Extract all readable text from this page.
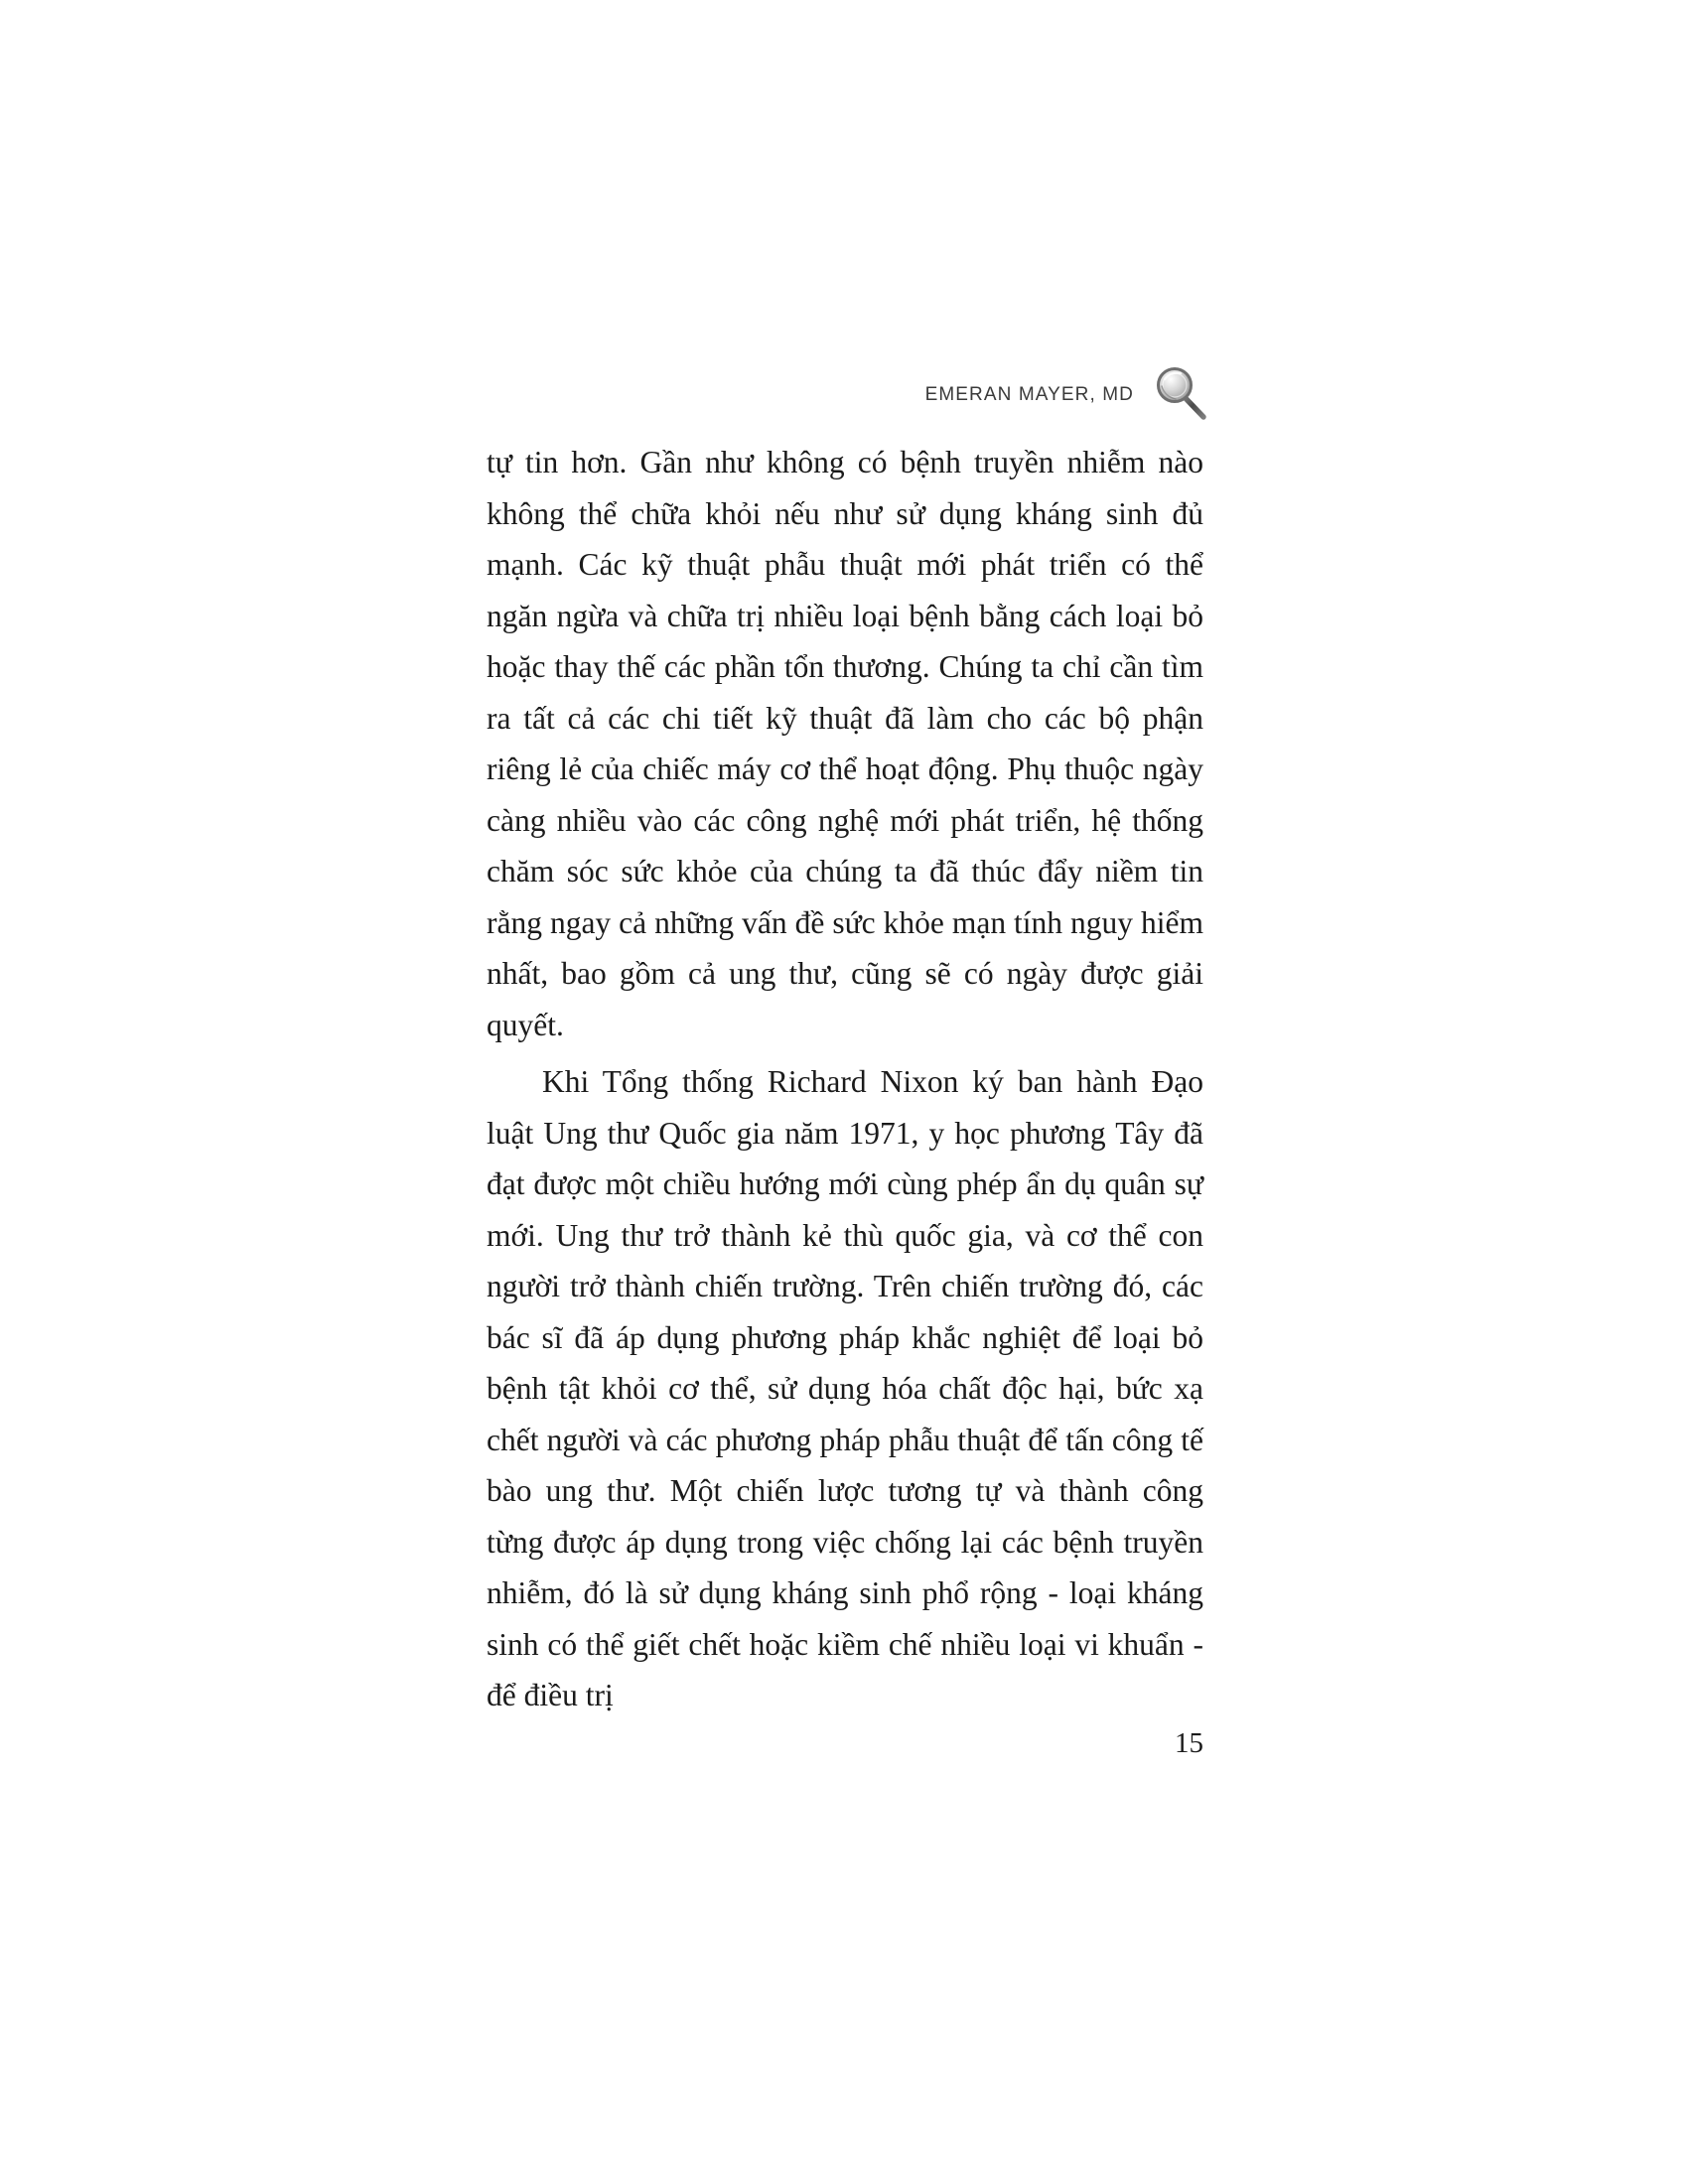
EMERAN MAYER, MD

tự tin hơn. Gần như không có bệnh truyền nhiễm nào không thể chữa khỏi nếu như sử dụng kháng sinh đủ mạnh. Các kỹ thuật phẫu thuật mới phát triển có thể ngăn ngừa và chữa trị nhiều loại bệnh bằng cách loại bỏ hoặc thay thế các phần tổn thương. Chúng ta chỉ cần tìm ra tất cả các chi tiết kỹ thuật đã làm cho các bộ phận riêng lẻ của chiếc máy cơ thể hoạt động. Phụ thuộc ngày càng nhiều vào các công nghệ mới phát triển, hệ thống chăm sóc sức khỏe của chúng ta đã thúc đẩy niềm tin rằng ngay cả những vấn đề sức khỏe mạn tính nguy hiểm nhất, bao gồm cả ung thư, cũng sẽ có ngày được giải quyết.

Khi Tổng thống Richard Nixon ký ban hành Đạo luật Ung thư Quốc gia năm 1971, y học phương Tây đã đạt được một chiều hướng mới cùng phép ẩn dụ quân sự mới. Ung thư trở thành kẻ thù quốc gia, và cơ thể con người trở thành chiến trường. Trên chiến trường đó, các bác sĩ đã áp dụng phương pháp khắc nghiệt để loại bỏ bệnh tật khỏi cơ thể, sử dụng hóa chất độc hại, bức xạ chết người và các phương pháp phẫu thuật để tấn công tế bào ung thư. Một chiến lược tương tự và thành công từng được áp dụng trong việc chống lại các bệnh truyền nhiễm, đó là sử dụng kháng sinh phổ rộng - loại kháng sinh có thể giết chết hoặc kiềm chế nhiều loại vi khuẩn - để điều trị

15
